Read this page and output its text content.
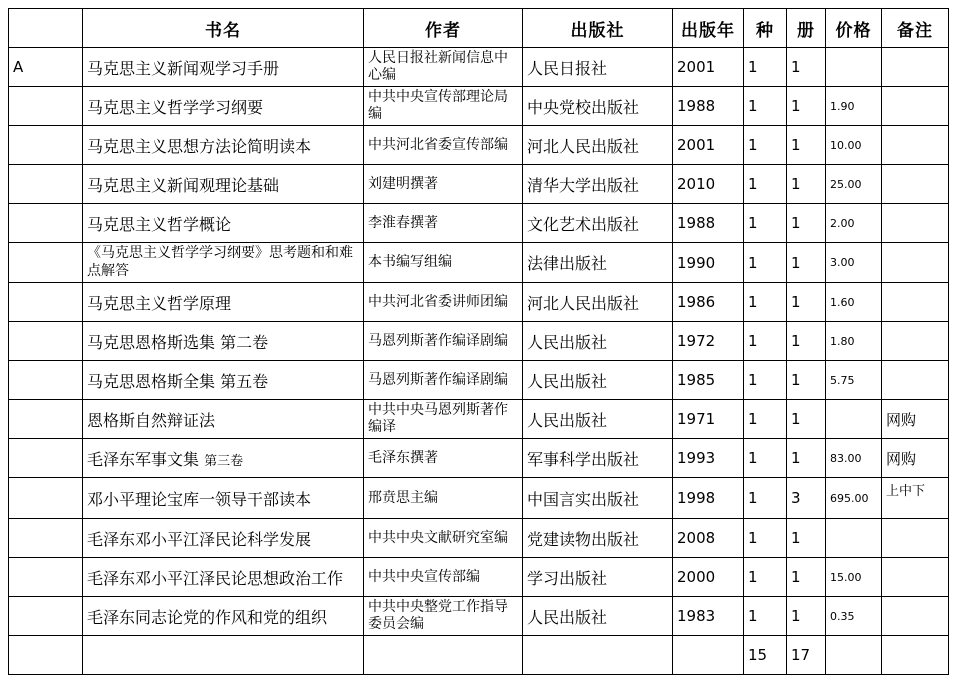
	书名	作者	出版社	出版年	种	册	价格	备注
A	马克思主义新闻观学习手册	人民日报社新闻信息中心编	人民日报社	2001	1	1		
	马克思主义哲学学习纲要	中共中央宣传部理论局编	中央党校出版社	1988	1	1	1.90	
	马克思主义思想方法论简明读本	中共河北省委宣传部编	河北人民出版社	2001	1	1	10.00	
	马克思主义新闻观理论基础	刘建明撰著	清华大学出版社	2010	1	1	25.00	
	马克思主义哲学概论	李淮春撰著	文化艺术出版社	1988	1	1	2.00	
	《马克思主义哲学学习纲要》思考题和和难点解答	本书编写组编	法律出版社	1990	1	1	3.00	
	马克思主义哲学原理	中共河北省委讲师团编	河北人民出版社	1986	1	1	1.60	
	马克思恩格斯选集 第二卷	马恩列斯著作编译剧编	人民出版社	1972	1	1	1.80	
	马克思恩格斯全集 第五卷	马恩列斯著作编译剧编	人民出版社	1985	1	1	5.75	
	恩格斯自然辩证法	中共中央马恩列斯著作编译	人民出版社	1971	1	1		网购
	毛泽东军事文集 第三卷	毛泽东撰著	军事科学出版社	1993	1	1	83.00	网购
	邓小平理论宝库一领导干部读本	邢贲思主编	中国言实出版社	1998	1	3	695.00	上中下
	毛泽东邓小平江泽民论科学发展	中共中央文献研究室编	党建读物出版社	2008	1	1		
	毛泽东邓小平江泽民论思想政治工作	中共中央宣传部编	学习出版社	2000	1	1	15.00	
	毛泽东同志论党的作风和党的组织	中共中央整党工作指导委员会编	人民出版社	1983	1	1	0.35	
					15	17		
